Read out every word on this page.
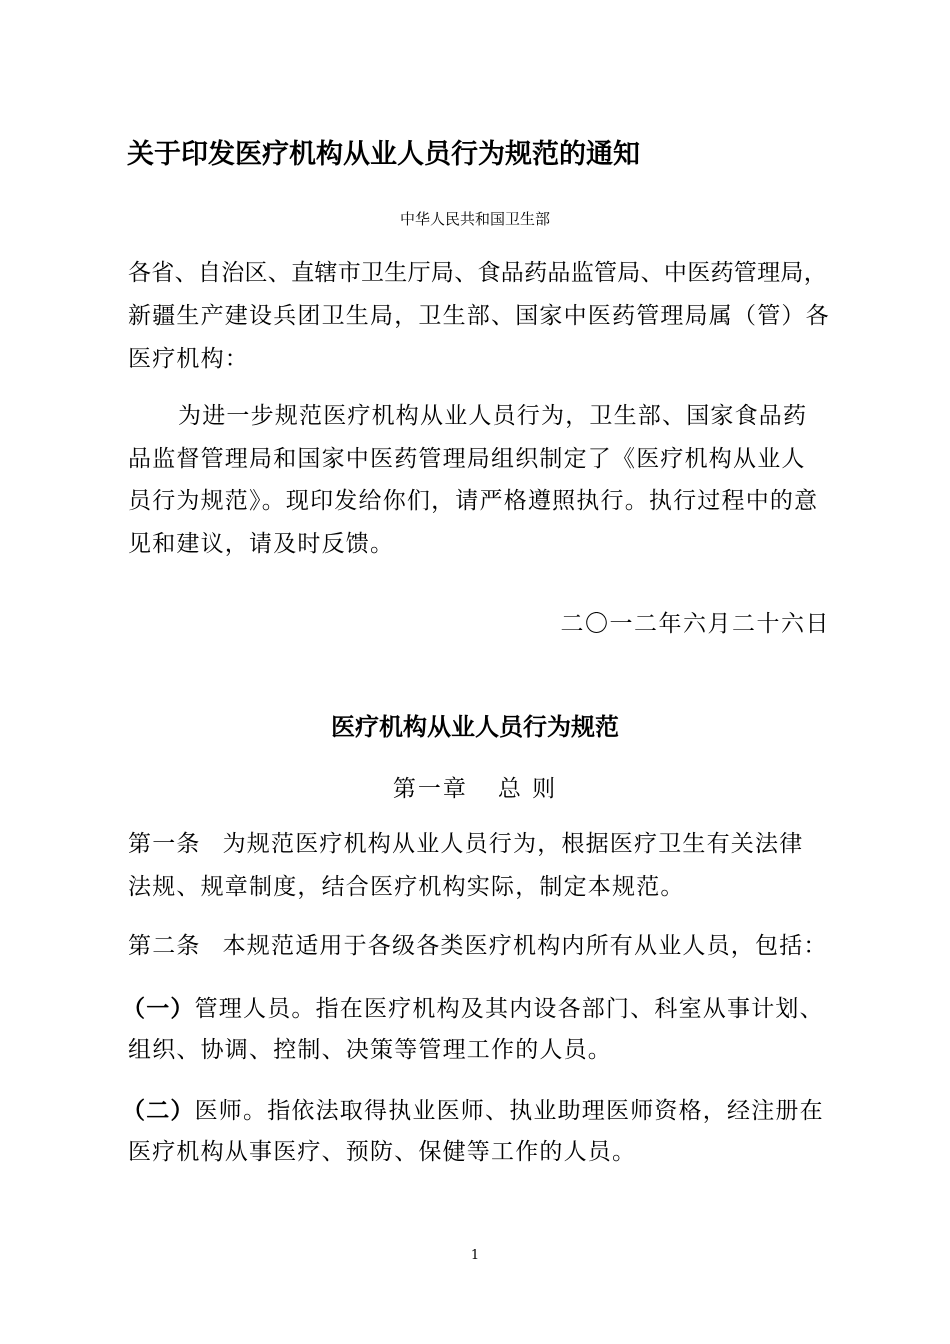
关于印发医疗机构从业人员行为规范的通知
中华人民共和国卫生部
各省、自治区、直辖市卫生厅局、食品药品监管局、中医药管理局，
新疆生产建设兵团卫生局，卫生部、国家中医药管理局属（管）各
医疗机构：
为进一步规范医疗机构从业人员行为，卫生部、国家食品药
品监督管理局和国家中医药管理局组织制定了《医疗机构从业人
员行为规范》。现印发给你们，请严格遵照执行。执行过程中的意
见和建议，请及时反馈。
二〇一二年六月二十六日
医疗机构从业人员行为规范
第一章 总 则
第一条 为规范医疗机构从业人员行为，根据医疗卫生有关法律
法规、规章制度，结合医疗机构实际，制定本规范。
第二条 本规范适用于各级各类医疗机构内所有从业人员，包括：
（一）管理人员。指在医疗机构及其内设各部门、科室从事计划、
组织、协调、控制、决策等管理工作的人员。
（二）医师。指依法取得执业医师、执业助理医师资格，经注册在
医疗机构从事医疗、预防、保健等工作的人员。
1
